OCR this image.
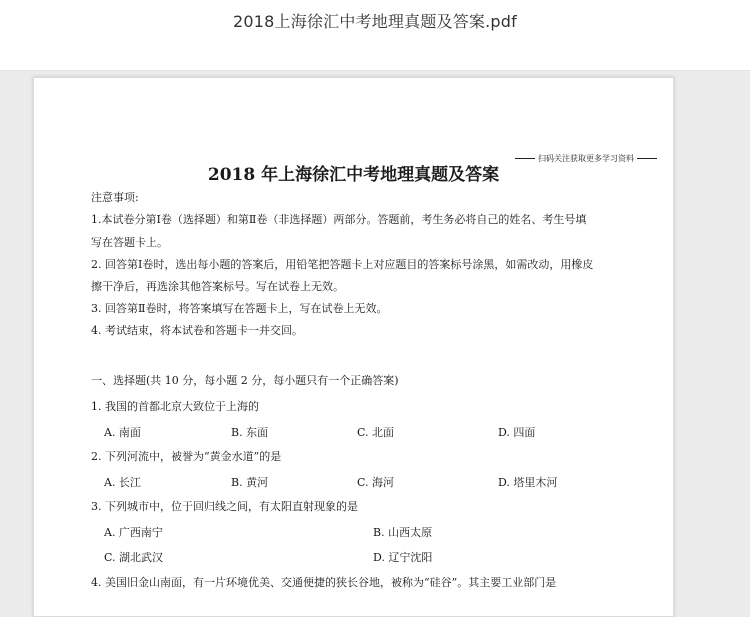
2018上海徐汇中考地理真题及答案.pdf
扫码关注获取更多学习资料
2018 年上海徐汇中考地理真题及答案
注意事项:
1.本试卷分第Ⅰ卷（选择题）和第Ⅱ卷（非选择题）两部分。答题前，考生务必将自己的姓名、考生号填
写在答题卡上。
2. 回答第Ⅰ卷时，选出每小题的答案后，用铅笔把答题卡上对应题目的答案标号涂黑，如需改动，用橡皮
擦干净后，再选涂其他答案标号。写在试卷上无效。
3. 回答第Ⅱ卷时，将答案填写在答题卡上，写在试卷上无效。
4. 考试结束，将本试卷和答题卡一并交回。
一、选择题(共 10 分，每小题 2 分，每小题只有一个正确答案)
1. 我国的首都北京大致位于上海的
A. 南面	B. 东面	C. 北面	D. 四面
2. 下列河流中，被誉为“黄金水道”的是
A. 长江	B. 黄河	C. 海河	D. 塔里木河
3. 下列城市中，位于回归线之间，有太阳直射现象的是
A. 广西南宁	B. 山西太原
C. 湖北武汉	D. 辽宁沈阳
4. 美国旧金山南面，有一片环境优美、交通便捷的狭长谷地，被称为“硅谷”。其主要工业部门是
